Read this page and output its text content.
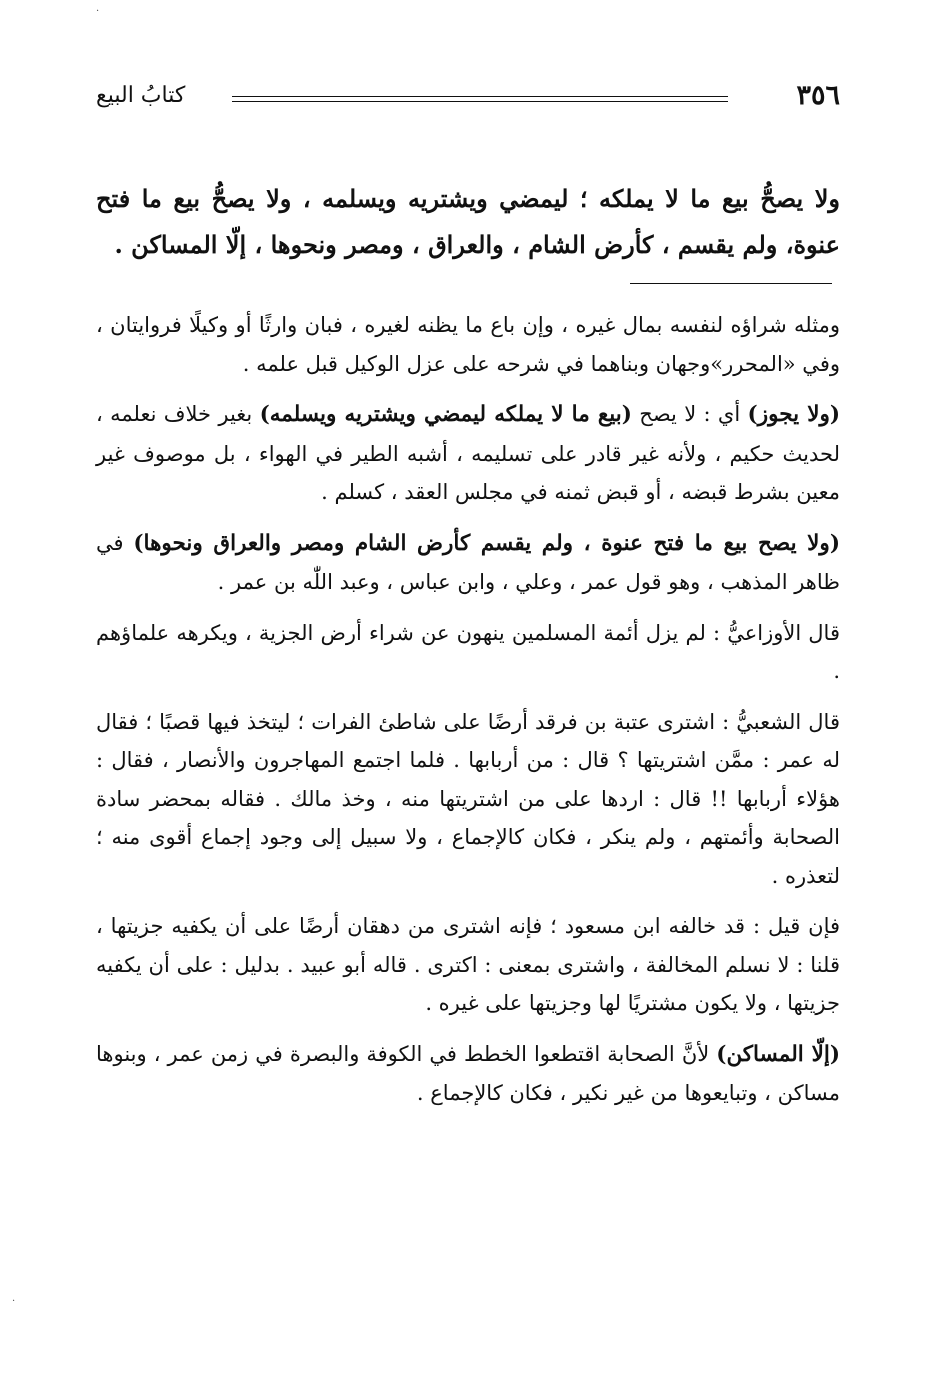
٣٥٦
كتابُ البيع

ولا يصحُّ بيع ما لا يملكه ؛ ليمضي ويشتريه ويسلمه ، ولا يصحُّ بيع ما فتح عنوة، ولم يقسم ، كأرض الشام ، والعراق ، ومصر ونحوها ، إلّا المساكن .

ومثله شراؤه لنفسه بمال غيره ، وإن باع ما يظنه لغيره ، فبان وارثًا أو وكيلًا فروايتان ، وفي «المحرر»وجهان وبناهما في شرحه على عزل الوكيل قبل علمه .

(ولا يجوز) أي : لا يصح (بيع ما لا يملكه ليمضي ويشتريه ويسلمه) بغير خلاف نعلمه ، لحديث حكيم ، ولأنه غير قادر على تسليمه ، أشبه الطير في الهواء ، بل موصوف غير معين بشرط قبضه ، أو قبض ثمنه في مجلس العقد ، كسلم .

(ولا يصح بيع ما فتح عنوة ، ولم يقسم كأرض الشام ومصر والعراق ونحوها) في ظاهر المذهب ، وهو قول عمر ، وعلي ، وابن عباس ، وعبد اللّٰه بن عمر .

قال الأوزاعيُّ : لم يزل أئمة المسلمين ينهون عن شراء أرض الجزية ، ويكرهه علماؤهم .

قال الشعبيُّ : اشترى عتبة بن فرقد أرضًا على شاطئ الفرات ؛ ليتخذ فيها قصبًا ؛ فقال له عمر : ممَّن اشتريتها ؟ قال : من أربابها . فلما اجتمع المهاجرون والأنصار ، فقال : هؤلاء أربابها !! قال : اردها على من اشتريتها منه ، وخذ مالك . فقاله بمحضر سادة الصحابة وأئمتهم ، ولم ينكر ، فكان كالإجماع ، ولا سبيل إلى وجود إجماع أقوى منه ؛ لتعذره .

فإن قيل : قد خالفه ابن مسعود ؛ فإنه اشترى من دهقان أرضًا على أن يكفيه جزيتها ، قلنا : لا نسلم المخالفة ، واشترى بمعنى : اكترى . قاله أبو عبيد . بدليل : على أن يكفيه جزيتها ، ولا يكون مشتريًا لها وجزيتها على غيره .

(إلّا المساكن) لأنَّ الصحابة اقتطعوا الخطط في الكوفة والبصرة في زمن عمر ، وبنوها مساكن ، وتبايعوها من غير نكير ، فكان كالإجماع .

·
·
